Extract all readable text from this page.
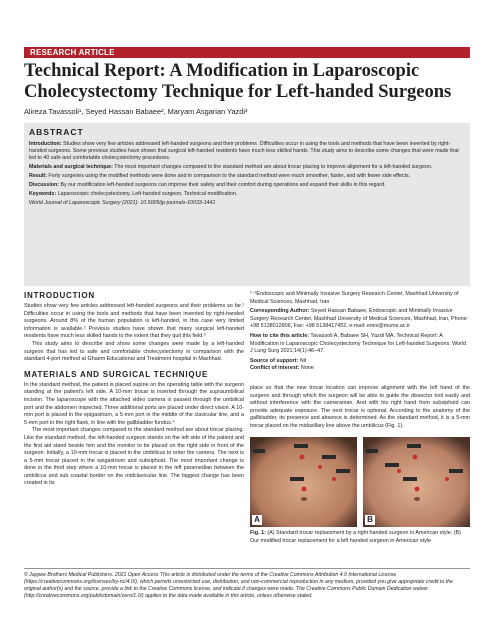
RESEARCH ARTICLE
Technical Report: A Modification in Laparoscopic Cholecystectomy Technique for Left-handed Surgeons
Alireza Tavassoli¹, Seyed Hassan Babaee², Maryam Asgarian Yazdi³
ABSTRACT

Introduction: Studies show very few articles addressed left-handed surgeons and their problems. Difficulties occur in using the tools and methods that have been invented by right-handed surgeons. Some previous studies have shown that surgical left-handed residents have much less skilled hands. This study aims to describe some changes that were made that led to 40 safe and comfortable cholecystectomy procedures.

Materials and surgical technique: The most important changes compared to the standard method are about trocar placing to improve alignment for a left-handed surgeon.

Result: Forty surgeries using the modified methods were done and in comparison to the standard method were much smoother, faster, and with fewer side effects.

Discussion: By our modification left-handed surgeons can improve their safety and their comfort during operations and expand their skills in this regard.

Keywords: Laparoscopic cholecystectomy, Left-handed surgeon, Technical modification.

World Journal of Laparoscopic Surgery (2021): 10.5005/jp-journals-10033-1441

INTRODUCTION

Studies show very few articles addressed left-handed surgeons and their problems so far.¹ Difficulties occur in using the tools and methods that have been invented by right-handed surgeons. Around 8% of the human population is left-handed, in this case very limited information is available.² Previous studies have shown that many surgical left-handed residents have much less skilled hands to the extent that they quit this field.³

This study aims to describe and show some changes were made by a left-handed surgeon that has led to safe and comfortable cholecystectomy in comparison with the standard 4-port method at Ghaem Educational and Treatment hospital in Mashhad.

MATERIALS AND SURGICAL TECHNIQUE

In the standard method, the patient is placed supine on the operating table with the surgeon standing at the patient's left side. A 10-mm trocar is inserted through the supraumbilical incision. The laparoscope with the attached video camera is passed through the umbilical port and the abdomen inspected. Three additional ports are placed under direct vision. A 10-mm port is placed in the epigastrium, a 5-mm port in the middle of the clavicular line, and a 5-mm port in the right flank, in line with the gallbladder fundus.⁴

The most important changes compared to the standard method are about trocar placing. Like the standard method, the left-handed surgeon stands on the left side of the patient and the first aid stand beside him and the monitor to be placed on the right side in front of the surgeon. Initially, a 10-mm trocar is placed in the umbilicus to enter the camera. The next is a 5-mm trocar placed in the epigastrium and subxiphoid. The most important change is done in the third step where a 10-mm trocar is placed in the left paramedian between the umbilicus and sub coastal border on the midclavicular line. The biggest change has been created in its

¹⁻³Endoscopic and Minimally Invasive Surgery Research Center, Mashhad University of Medical Sciences, Mashhad, Iran

Corresponding Author: Seyed Hassan Babaee, Endoscopic and Minimally Invasive Surgery Research Center, Mashhad University of Medical Sciences, Mashhad, Iran, Phone: +98 5138012806, Fax: +98 5138417452, e-mail: emis@mums.ac.ir

How to cite this article: Tavassoli A, Babaee SH, Yazdi MA. Technical Report: A Modification in Laparoscopic Cholecystectomy Technique for Left-handed Surgeons. World J Lung Surg 2021;14(1):46–47.

Source of support: Nil

Conflict of interest: None

place so that the new trocar location can improve alignment with the left hand of the surgeon and through which the surgeon will be able to guide the dissector tool easily and without interference with the cameraman. And with his right hand from subxiphoid can provide adequate exposure. The next trocar is optional. According to the anatomy of the gallbladder, its presence and absence is determined. As the standard method, it is a 5-mm trocar placed on the midaxillary line above the umbilicus (Fig. 1).

A	B

Fig. 1: (A) Standard trocar replacement by a right handed surgeon in American style. (B) Our modified trocar replacement for a left handed surgeon in American style

© Jaypee Brothers Medical Publishers. 2021 Open Access This article is distributed under the terms of the Creative Commons Attribution 4.0 International License (https://creativecommons.org/licenses/by-nc/4.0/), which permits unrestricted use, distribution, and non-commercial reproduction in any medium, provided you give appropriate credit to the original author(s) and the source, provide a link to the Creative Commons license, and indicate if changes were made. The Creative Commons Public Domain Dedication waiver (http://creativecommons.org/publicdomain/zero/1.0/) applies to the data made available in this article, unless otherwise stated.
